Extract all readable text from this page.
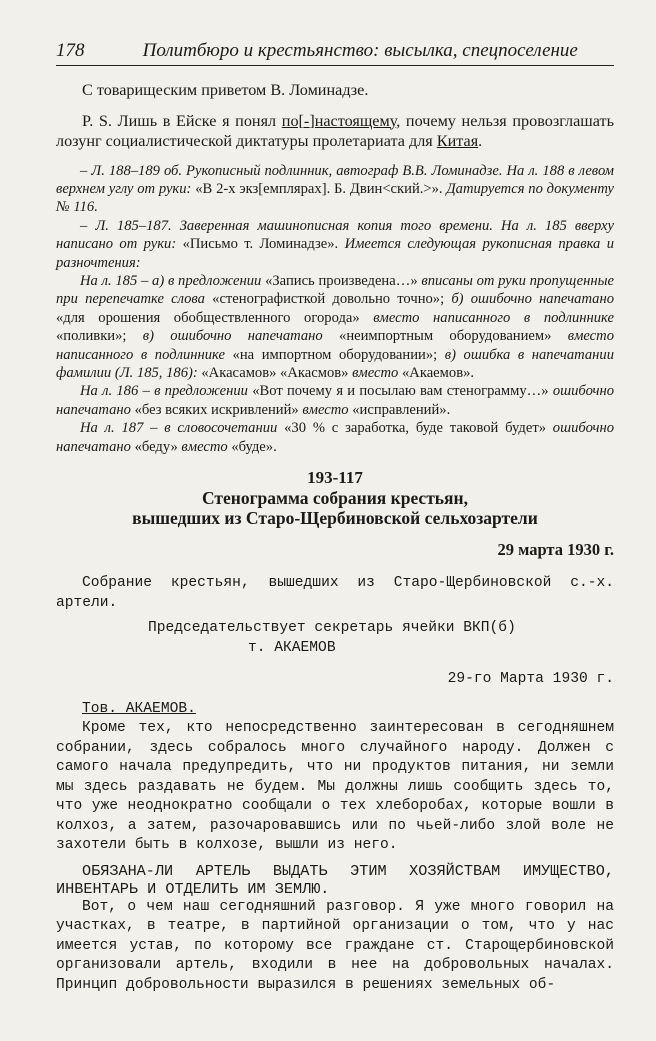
178	Политбюро и крестьянство: высылка, спецпоселение

С товарищеским приветом В. Ломинадзе.

P. S. Лишь в Ейске я понял по[-]настоящему, почему нельзя провозглашать лозунг социалистической диктатуры пролетариата для Китая.

– Л. 188–189 об. Рукописный подлинник, автограф В.В. Ломинадзе. На л. 188 в левом верхнем углу от руки: «В 2-х экз[емплярах]. Б. Двин<ский.>». Датируется по документу № 116.

– Л. 185–187. Заверенная машинописная копия того времени. На л. 185 вверху написано от руки: «Письмо т. Ломинадзе». Имеется следующая рукописная правка и разночтения:

На л. 185 – а) в предложении «Запись произведена…» вписаны от руки пропущенные при перепечатке слова «стенографисткой довольно точно»; б) ошибочно напечатано «для орошения обобществленного огорода» вместо написанного в подлиннике «поливки»; в) ошибочно напечатано «неимпортным оборудованием» вместо написанного в подлиннике «на импортном оборудовании»; в) ошибка в напечатании фамилии (Л. 185, 186): «Акасамов» «Акасмов» вместо «Акаемов».

На л. 186 – в предложении «Вот почему я и посылаю вам стенограмму…» ошибочно напечатано «без всяких искривлений» вместо «исправлений».

На л. 187 – в словосочетании «30 % с заработка, буде таковой будет» ошибочно напечатано «беду» вместо «буде».

193-117
Стенограмма собрания крестьян,
вышедших из Старо-Щербиновской сельхозартели
29 марта 1930 г.

Собрание крестьян, вышедших из Старо-Щербиновской с.-х. артели.

Председательствует секретарь ячейки ВКП(б)

т. АКАЕМОВ

29-го Марта 1930 г.

Тов. АКАЕМОВ.

Кроме тех, кто непосредственно заинтересован в сегодняшнем собрании, здесь собралось много случайного народу. Должен с самого начала предупредить, что ни продуктов питания, ни земли мы здесь раздавать не будем. Мы должны лишь сообщить здесь то, что уже неоднократно сообщали о тех хлеборобах, которые вошли в колхоз, а затем, разочаровавшись или по чьей-либо злой воле не захотели быть в колхозе, вышли из него.

ОБЯЗАНА-ЛИ АРТЕЛЬ ВЫДАТЬ ЭТИМ ХОЗЯЙСТВАМ ИМУЩЕСТВО, ИНВЕНТАРЬ И ОТДЕЛИТЬ ИМ ЗЕМЛЮ.

Вот, о чем наш сегодняшний разговор. Я уже много говорил на участках, в театре, в партийной организации о том, что у нас имеется устав, по которому все граждане ст. Старощербиновской организовали артель, входили в нее на добровольных началах. Принцип добровольности выразился в решениях земельных об-
